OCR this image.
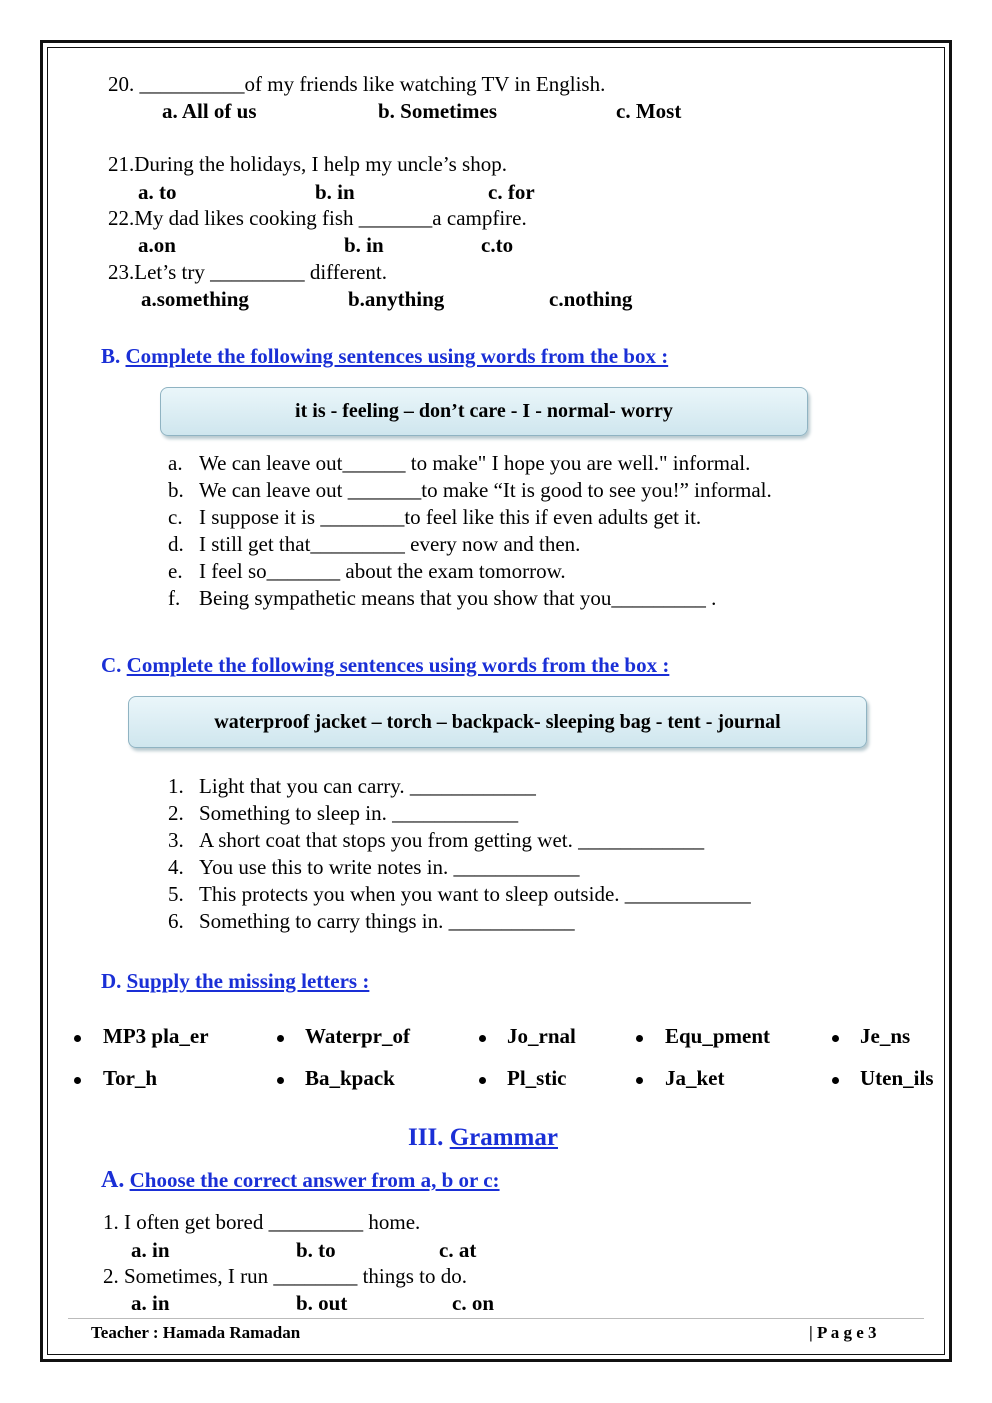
20. __________of my friends like watching TV in English.
a. All of us	b. Sometimes	c. Most
21.During the holidays, I help my uncle’s shop.
a. to	b. in	c. for
22.My dad likes cooking fish _______a campfire.
a.on	b. in	c.to
23.Let’s try _________ different.
a.something	b.anything	c.nothing
B. Complete the following sentences using words from the box :
it is - feeling – don’t care - I - normal- worry
a. We can leave out______ to make" I hope you are well." informal.
b. We can leave out _______to make “It is good to see you!” informal.
c. I suppose it is ________to feel like this if even adults get it.
d. I still get that_________ every now and then.
e. I feel so_______ about the exam tomorrow.
f. Being sympathetic means that you show that you_________ .
C. Complete the following sentences using words from the box :
waterproof jacket – torch – backpack- sleeping bag - tent - journal
1. Light that you can carry. ____________
2. Something to sleep in. ____________
3. A short coat that stops you from getting wet. ____________
4. You use this to write notes in. ____________
5. This protects you when you want to sleep outside. ____________
6. Something to carry things in. ____________
D. Supply the missing letters :
MP3 pla_er	Waterpr_of	Jo_rnal	Equ_pment	Je_ns
Tor_h	Ba_kpack	Pl_stic	Ja_ket	Uten_ils
III. Grammar
A. Choose the correct answer from a, b or c:
1. I often get bored _________ home.
a. in	b. to	c. at
2. Sometimes, I run ________ things to do.
a. in	b. out	c. on
Teacher : Hamada Ramadan	| P a g e 3
